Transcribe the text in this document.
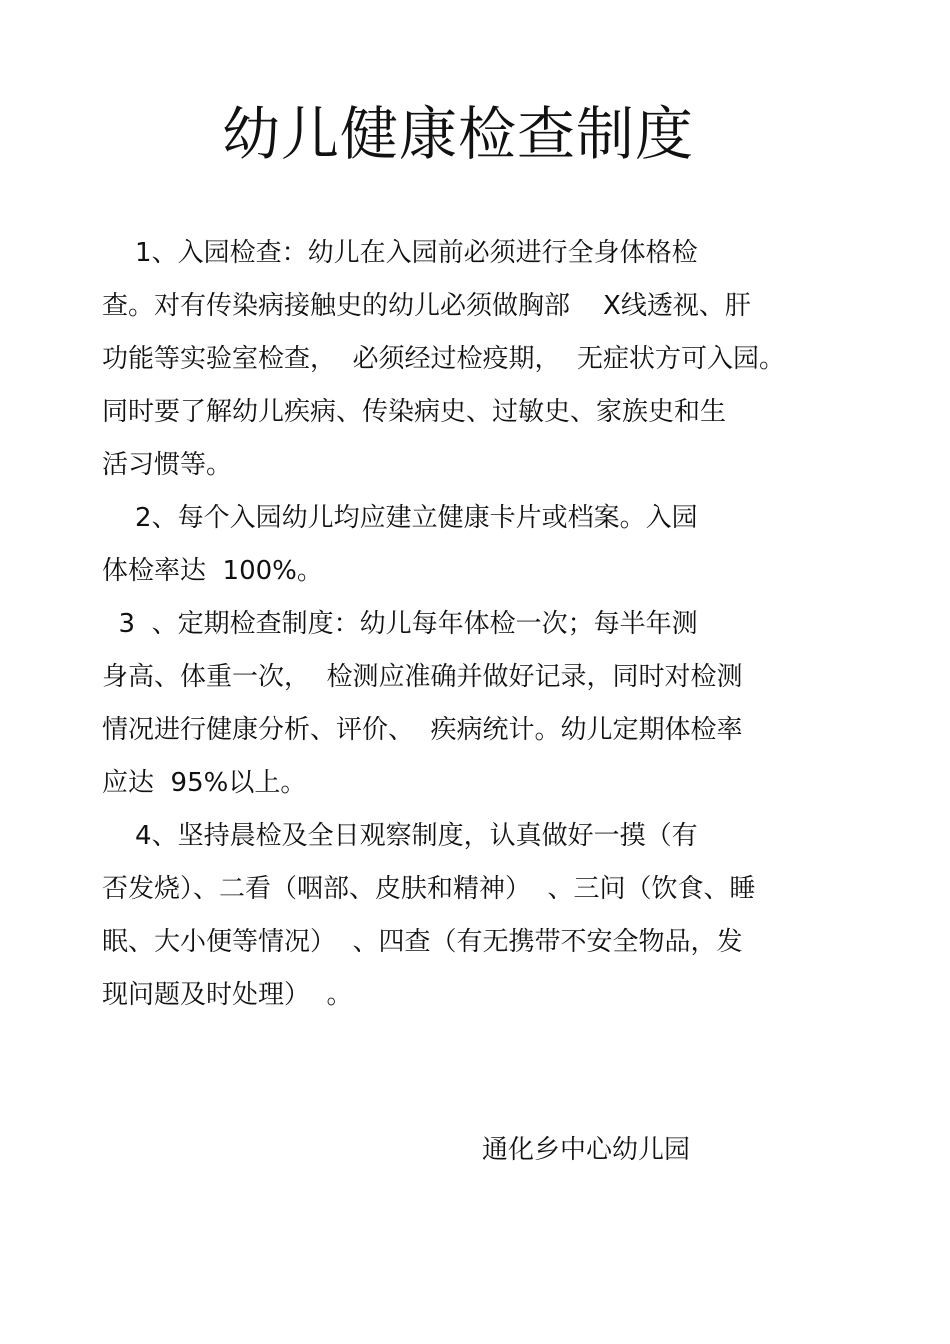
幼儿健康检查制度

1、入园检查：幼儿在入园前必须进行全身体格检

查。对有传染病接触史的幼儿必须做胸部    X线透视、肝

功能等实验室检查，  必须经过检疫期，  无症状方可入园。

同时要了解幼儿疾病、传染病史、过敏史、家族史和生

活习惯等。

2、每个入园幼儿均应建立健康卡片或档案。入园

体检率达  100%。

3  、定期检查制度：幼儿每年体检一次；每半年测

身高、体重一次，  检测应准确并做好记录，同时对检测

情况进行健康分析、评价、  疾病统计。幼儿定期体检率

应达  95%以上。

4、坚持晨检及全日观察制度，认真做好一摸（有

否发烧）、二看（咽部、皮肤和精神）  、三问（饮食、睡

眠、大小便等情况）  、四查（有无携带不安全物品，发

现问题及时处理）  。

通化乡中心幼儿园
